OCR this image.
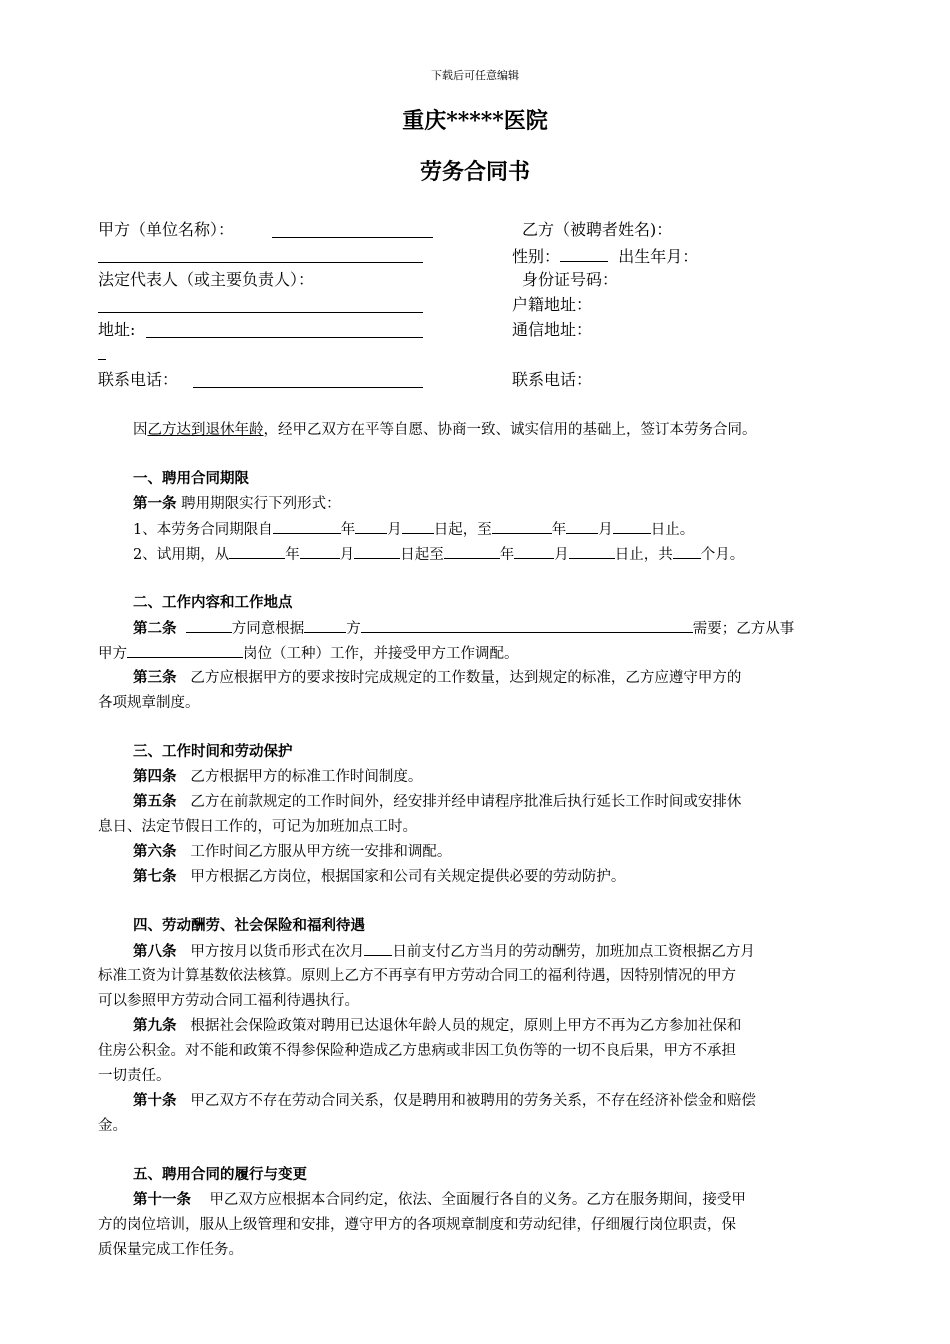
下载后可任意编辑
重庆*****医院
劳务合同书
甲方（单位名称）：
法定代表人（或主要负责人）：
地址:
联系电话：
乙方（被聘者姓名)：
性别：	出生年月：
身份证号码：
户籍地址：
通信地址：
联系电话：
因乙方达到退休年龄，经甲乙双方在平等自愿、协商一致、诚实信用的基础上，签订本劳务合同。
一、聘用合同期限
第一条 聘用期限实行下列形式：
1、本劳务合同期限自	年 月 日起，至	年 月	日止。
2、试用期，从	年	月	日起至	年	月	日止，共 个月。
二、工作内容和工作地点
第二条	方同意根据	方	需要；乙方从事
甲方	岗位（工种）工作，并接受甲方工作调配。
第三条 乙方应根据甲方的要求按时完成规定的工作数量，达到规定的标准，乙方应遵守甲方的
各项规章制度。
三、工作时间和劳动保护
第四条 乙方根据甲方的标准工作时间制度。
第五条 乙方在前款规定的工作时间外，经安排并经申请程序批准后执行延长工作时间或安排休
息日、法定节假日工作的，可记为加班加点工时。
第六条 工作时间乙方服从甲方统一安排和调配。
第七条 甲方根据乙方岗位，根据国家和公司有关规定提供必要的劳动防护。
四、劳动酬劳、社会保险和福利待遇
第八条 甲方按月以货币形式在次月 日前支付乙方当月的劳动酬劳，加班加点工资根据乙方月
标准工资为计算基数依法核算。原则上乙方不再享有甲方劳动合同工的福利待遇，因特别情况的甲方
可以参照甲方劳动合同工福利待遇执行。
第九条 根据社会保险政策对聘用已达退休年龄人员的规定，原则上甲方不再为乙方参加社保和
住房公积金。对不能和政策不得参保险种造成乙方患病或非因工负伤等的一切不良后果，甲方不承担
一切责任。
第十条 甲乙双方不存在劳动合同关系，仅是聘用和被聘用的劳务关系，不存在经济补偿金和赔偿
金。
五、聘用合同的履行与变更
第十一条 甲乙双方应根据本合同约定，依法、全面履行各自的义务。乙方在服务期间，接受甲
方的岗位培训，服从上级管理和安排，遵守甲方的各项规章制度和劳动纪律，仔细履行岗位职责，保
质保量完成工作任务。
